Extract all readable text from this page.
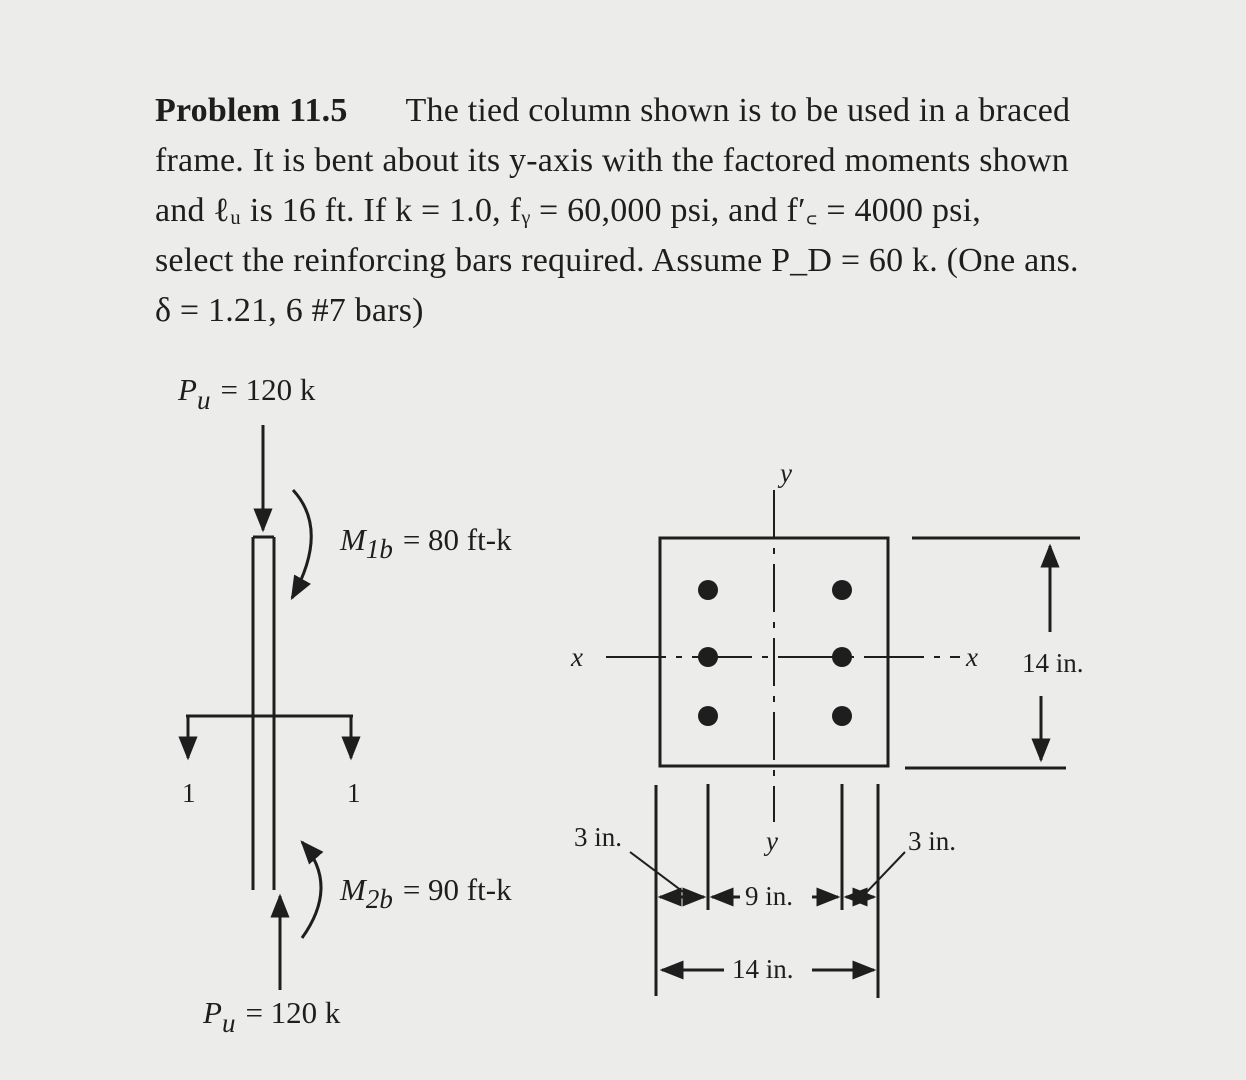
Problem 11.5 The tied column shown is to be used in a braced
frame. It is bent about its y-axis with the factored moments shown
and ℓᵤ is 16 ft. If k = 1.0, fᵧ = 60,000 psi, and f′꜀ = 4000 psi,
select the reinforcing bars required. Assume P_D = 60 k. (One ans.
δ = 1.21, 6 #7 bars)
Pu = 120 k
M1b = 80 ft-k
1	1
M2b = 90 ft-k
Pu = 120 k
y
y
x	x 14 in.
3 in.	3 in.
9 in.
14 in.
